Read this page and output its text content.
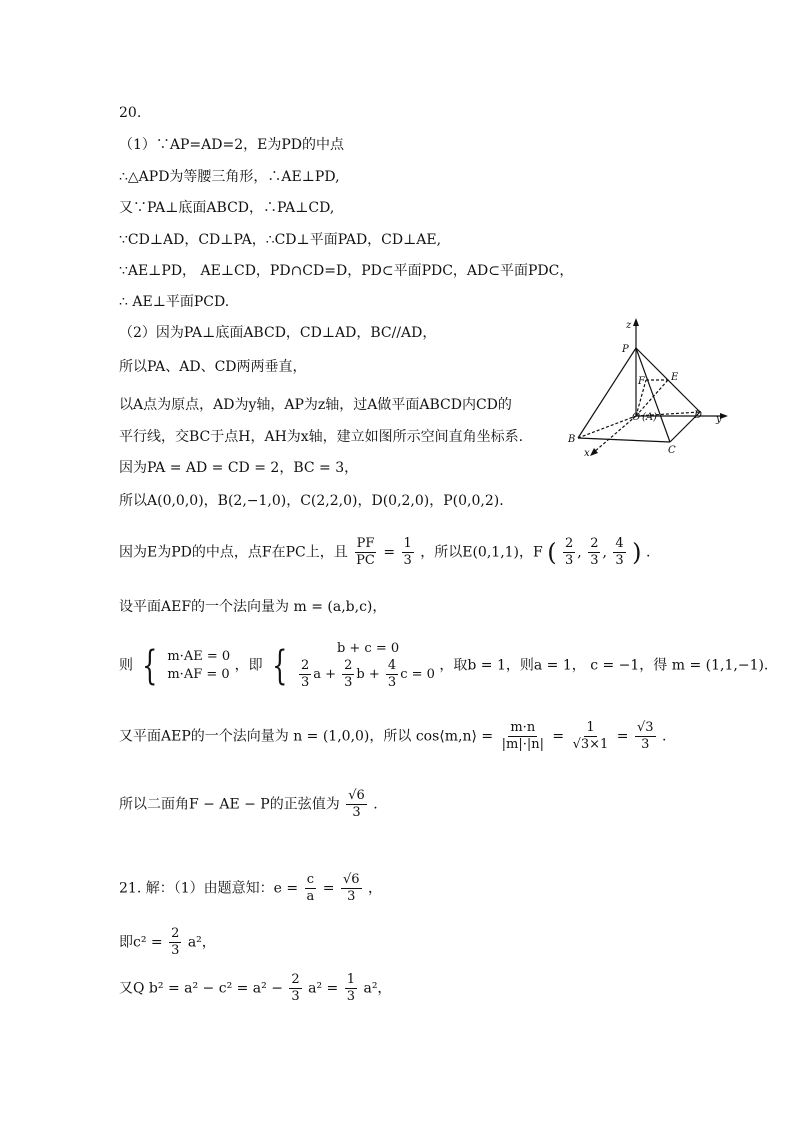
20.
（1）∵AP=AD=2，E为PD的中点
∴△APD为等腰三角形，∴AE⊥PD,
又∵PA⊥底面ABCD，∴PA⊥CD,
∵CD⊥AD，CD⊥PA，∴CD⊥平面PAD，CD⊥AE,
∵AE⊥PD， AE⊥CD，PD∩CD=D，PD⊂平面PDC，AD⊂平面PDC，
∴ AE⊥平面PCD.
（2）因为PA⊥底面ABCD，CD⊥AD，BC//AD，
所以PA、AD、CD两两垂直，
以A点为原点，AD为y轴，AP为z轴，过A做平面ABCD内CD的
平行线，交BC于点H，AH为x轴，建立如图所示空间直角坐标系.
因为PA = AD = CD = 2，BC = 3，
所以A(0,0,0)，B(2,−1,0)，C(2,2,0)，D(0,2,0)，P(0,0,2).
因为E为PD的中点，点F在PC上，且 $\frac{PF}{PC} = \frac{1}{3}$ ，所以E(0,1,1)，F ( $\frac{2}{3}$ , $\frac{2}{3}$ , $\frac{4}{3}$ ) .
设平面AEF的一个法向量为 m = (a,b,c)，
则 { m·AE = 0
m·AF = 0
，即 {	b + c = 0
$\frac{2}{3}$ $a + \frac{2}{3}$ $b + \frac{4}{3}$ c = 0
，取b = 1，则a = 1， c = −1，得 m = (1,1,−1).
又平面AEP的一个法向量为 n = (1,0,0)，所以 cos⟨m,n⟩ = $\frac{m\cdot n}{|m|\cdot|n|} = \frac{1}{√3\times 1} = \frac{√3}{3}$ .
所以二面角F − AE − P的正弦值为 $\frac{√6}{3}$ .
21. 解：（1）由题意知：$e = \frac{c}{a} = \frac{√6}{3}$ ，
即$c^2 = \frac{2}{3} a^2$，
又Q $b^2 = a^2 - c^2 = a^2 - \frac{2}{3} a^2 = \frac{1}{3} a^2$，
z
P
E
F
D y
O (A)
B
C
x
